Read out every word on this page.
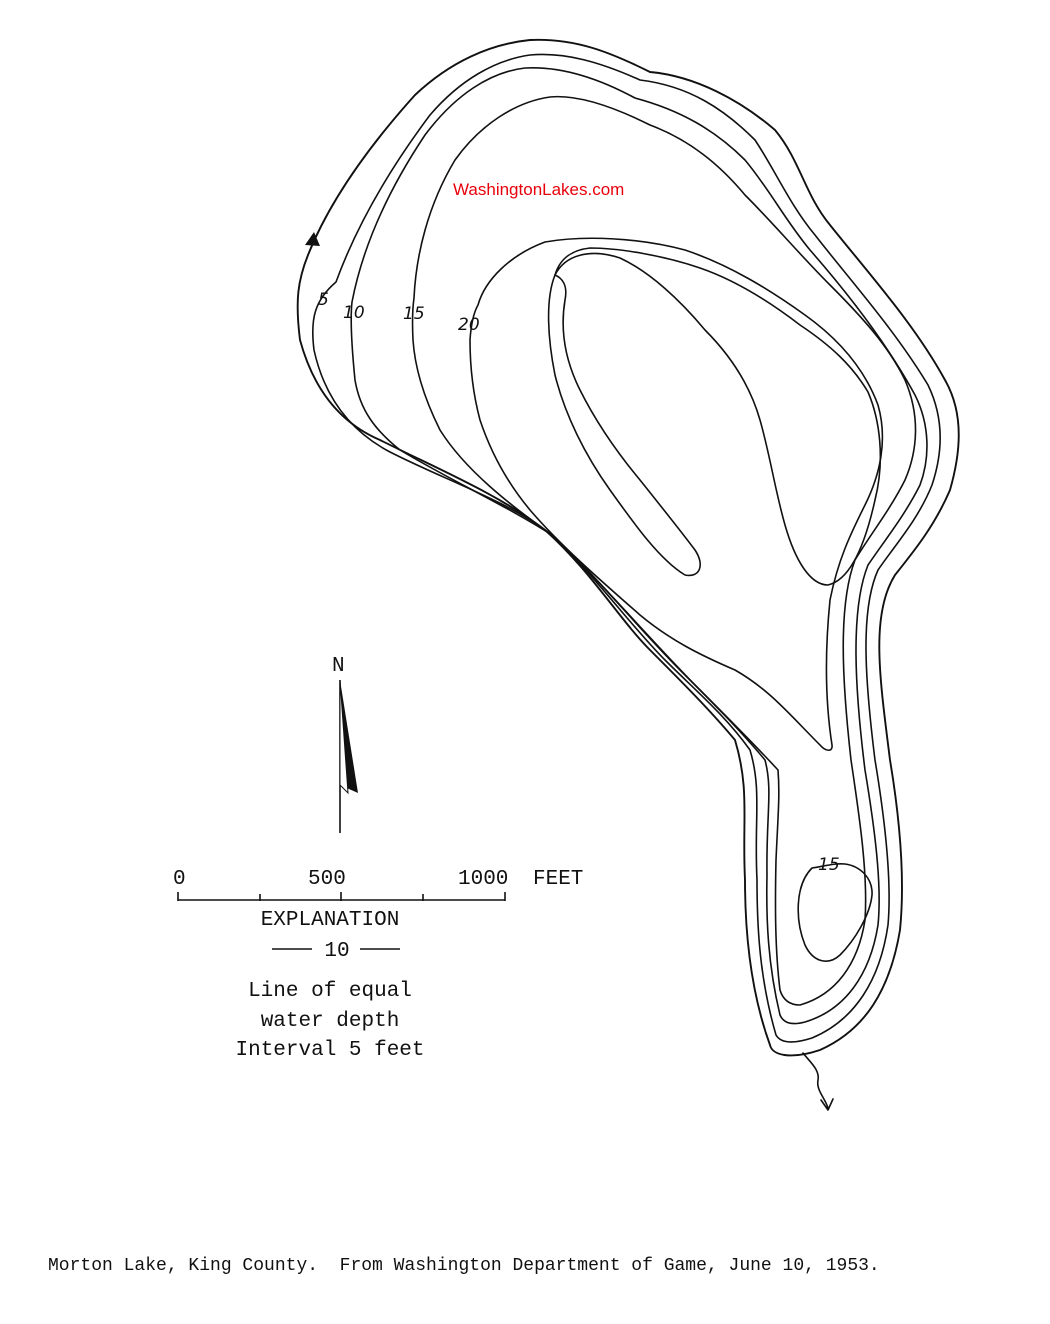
5
10 15
20
15
WashingtonLakes.com
N
0	500	1000 FEET
EXPLANATION
10
Line of equal
water depth
Interval 5 feet
Morton Lake, King County.  From Washington Department of Game, June 10, 1953.
